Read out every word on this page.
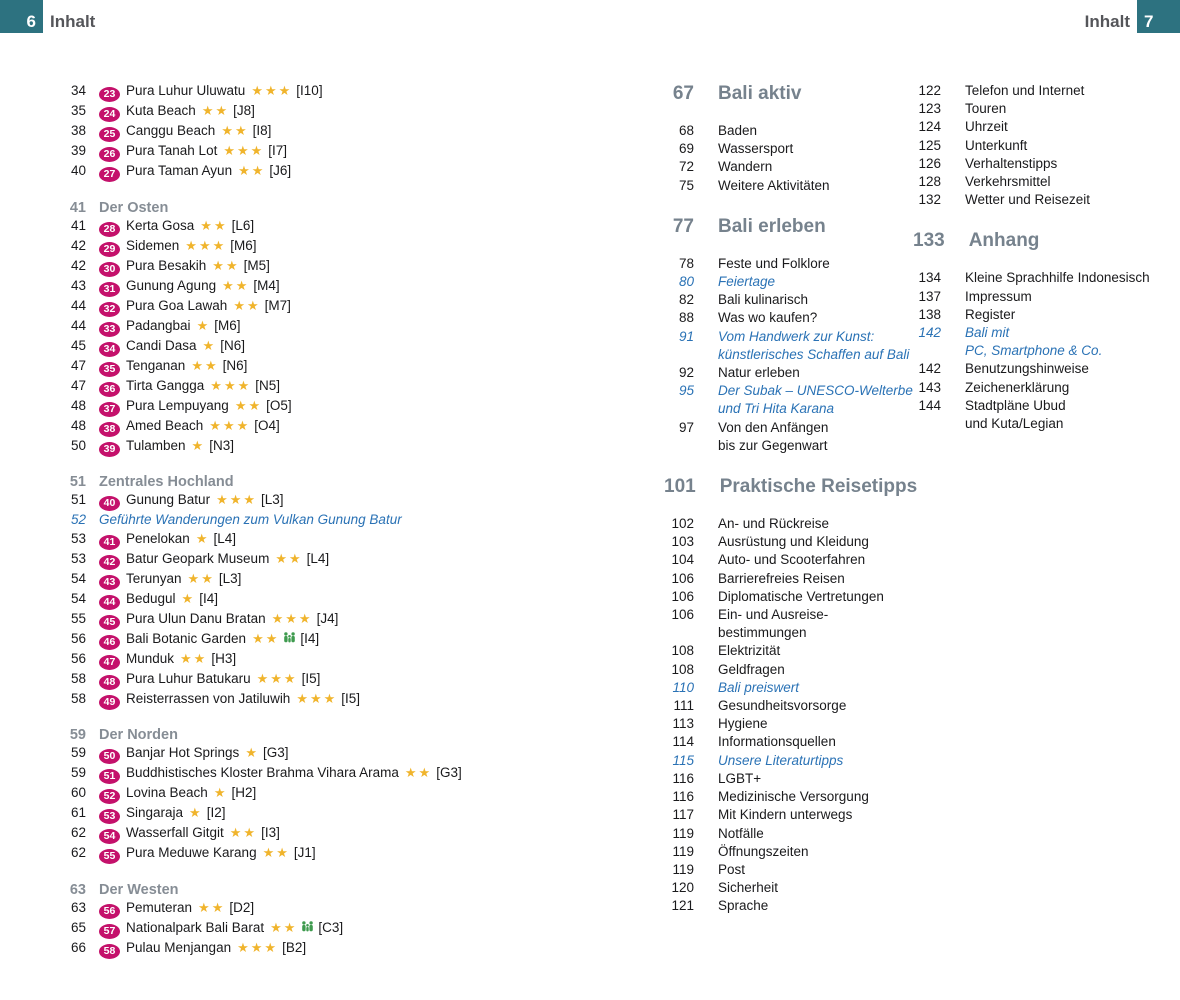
6 Inhalt	Inhalt 7
34	23 Pura Luhur Uluwatu ★★★ [I10]
35	24 Kuta Beach ★★ [J8]
38	25 Canggu Beach ★★ [I8]
39	26 Pura Tanah Lot ★★★ [I7]
40	27 Pura Taman Ayun ★★ [J6]
41 Der Osten
41	28 Kerta Gosa ★★ [L6]
42	29 Sidemen ★★★ [M6]
42	30 Pura Besakih ★★ [M5]
43	31 Gunung Agung ★★ [M4]
44	32 Pura Goa Lawah ★★ [M7]
44	33 Padangbai ★ [M6]
45	34 Candi Dasa ★ [N6]
47	35 Tenganan ★★ [N6]
47	36 Tirta Gangga ★★★ [N5]
48	37 Pura Lempuyang ★★ [O5]
48	38 Amed Beach ★★★ [O4]
50	39 Tulamben ★ [N3]
51 Zentrales Hochland
51	40 Gunung Batur ★★★ [L3]
52 Geführte Wanderungen zum Vulkan Gunung Batur
53	41 Penelokan ★ [L4]
53	42 Batur Geopark Museum ★★ [L4]
54	43 Terunyan ★★ [L3]
54	44 Bedugul ★ [I4]
55	45 Pura Ulun Danu Bratan ★★★ [J4]
56	46 Bali Botanic Garden ★★ [I4]
56	47 Munduk ★★ [H3]
58	48 Pura Luhur Batukaru ★★★ [I5]
58	49 Reisterrassen von Jatiluwih ★★★ [I5]
59 Der Norden
59	50 Banjar Hot Springs ★ [G3]
59	51 Buddhistisches Kloster Brahma Vihara Arama ★★ [G3]
60	52 Lovina Beach ★ [H2]
61	53 Singaraja ★ [I2]
62	54 Wasserfall Gitgit ★★ [I3]
62	55 Pura Meduwe Karang ★★ [J1]
63 Der Westen
63	56 Pemuteran ★★ [D2]
65	57 Nationalpark Bali Barat ★★ [C3]
66	58 Pulau Menjangan ★★★ [B2]
67 Bali aktiv
68 Baden
69 Wassersport
72 Wandern
75 Weitere Aktivitäten
77 Bali erleben
78 Feste und Folklore
80 Feiertage
82 Bali kulinarisch
88 Was wo kaufen?
91 Vom Handwerk zur Kunst:
künstlerisches Schaffen auf Bali
92 Natur erleben
95 Der Subak – UNESCO-Welterbe
und Tri Hita Karana
97 Von den Anfängen
bis zur Gegenwart
101 Praktische Reisetipps
102 An- und Rückreise
103 Ausrüstung und Kleidung
104 Auto- und Scooterfahren
106 Barrierefreies Reisen
106 Diplomatische Vertretungen
106 Ein- und Ausreise-
bestimmungen
108 Elektrizität
108 Geldfragen
110 Bali preiswert
111 Gesundheitsvorsorge
113 Hygiene
114 Informationsquellen
115 Unsere Literaturtipps
116 LGBT+
116 Medizinische Versorgung
117 Mit Kindern unterwegs
119 Notfälle
119 Öffnungszeiten
119 Post
120 Sicherheit
121 Sprache
122 Telefon und Internet
123 Touren
124 Uhrzeit
125 Unterkunft
126 Verhaltenstipps
128 Verkehrsmittel
132 Wetter und Reisezeit
133 Anhang
134 Kleine Sprachhilfe Indonesisch
137 Impressum
138 Register
142 Bali mit
PC, Smartphone & Co.
142 Benutzungshinweise
143 Zeichenerklärung
144 Stadtpläne Ubud
und Kuta/Legian
